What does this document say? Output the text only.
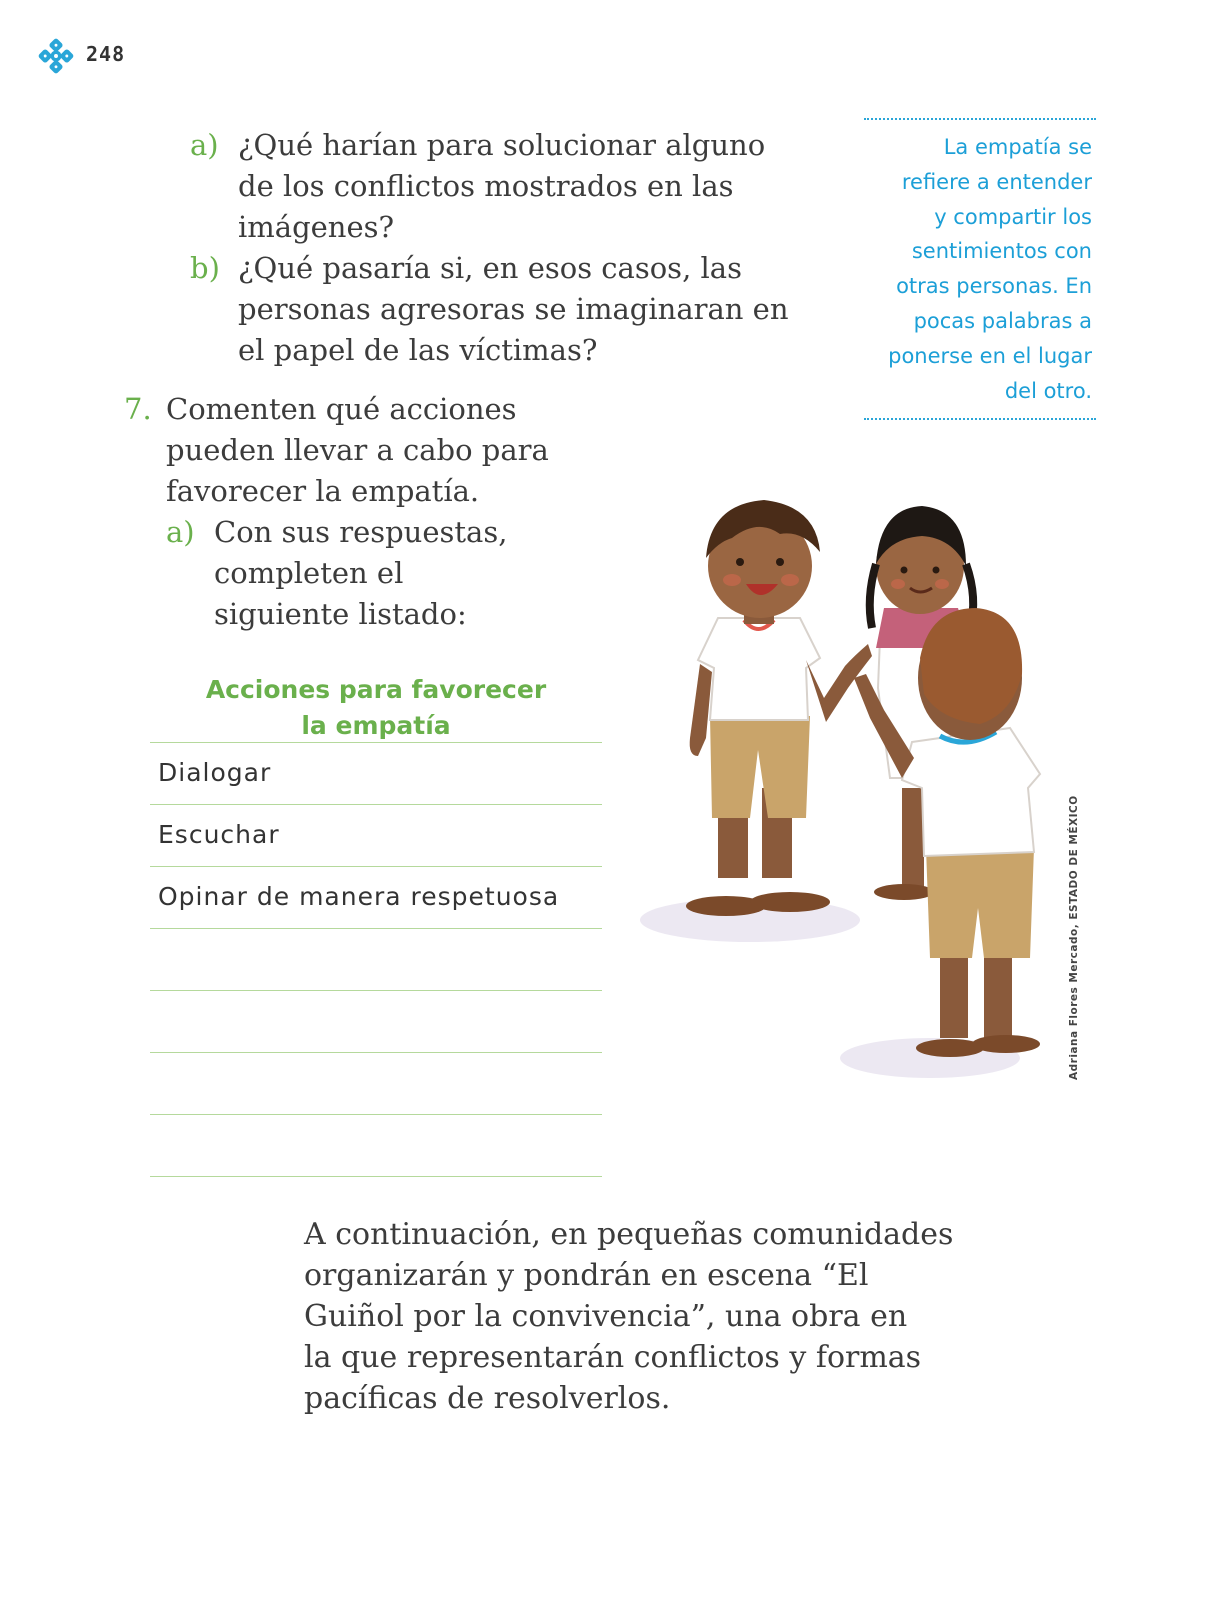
248
a) ¿Qué harían para solucionar alguno
de los conflictos mostrados en las
imágenes?
b) ¿Qué pasaría si, en esos casos, las
personas agresoras se imaginaran en
el papel de las víctimas?
7. Comenten qué acciones
pueden llevar a cabo para
favorecer la empatía.
a) Con sus respuestas,
completen el
siguiente listado:
La empatía se
refiere a entender
y compartir los
sentimientos con
otras personas. En
pocas palabras a
ponerse en el lugar
del otro.
Acciones para favorecer
la empatía
Dialogar
Escuchar
Opinar de manera respetuosa	Adriana Flores Mercado, ESTADO DE MÉXICO
A continuación, en pequeñas comunidades
organizarán y pondrán en escena “El
Guiñol por la convivencia”, una obra en
la que representarán conflictos y formas
pacíficas de resolverlos.
